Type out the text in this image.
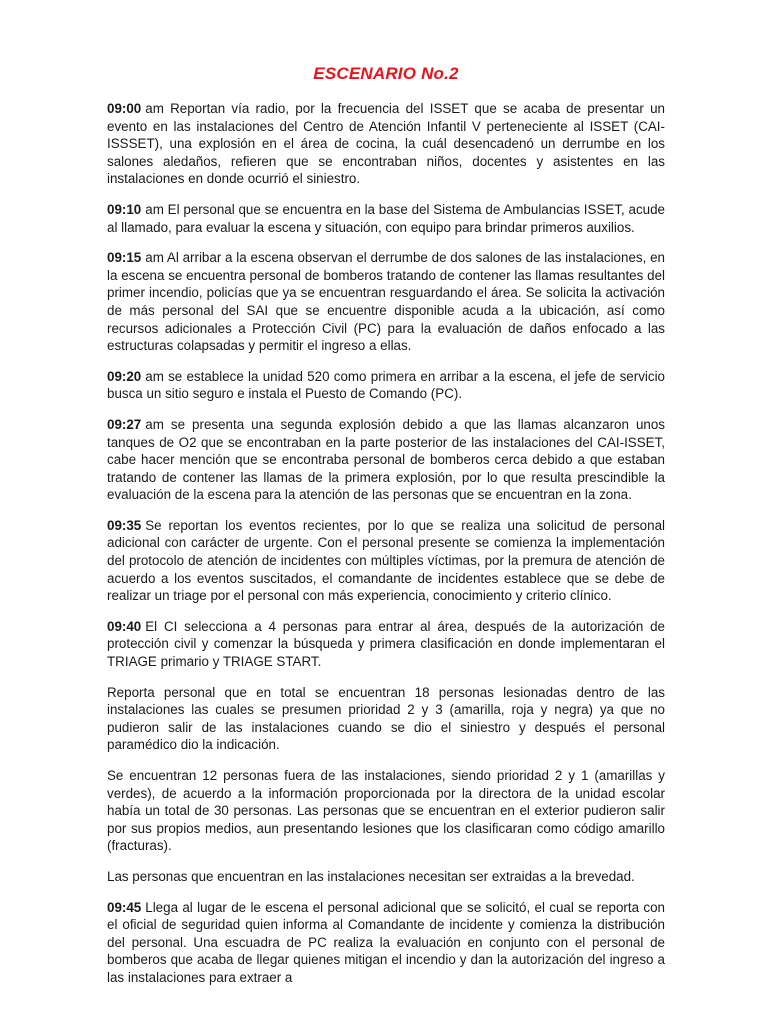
ESCENARIO No.2

09:00 am Reportan vía radio, por la frecuencia del ISSET que se acaba de presentar un evento en las instalaciones del Centro de Atención Infantil V perteneciente al ISSET (CAI-ISSSET), una explosión en el área de cocina, la cuál desencadenó un derrumbe en los salones aledaños, refieren que se encontraban niños, docentes y asistentes en las instalaciones en donde ocurrió el siniestro.

09:10 am El personal que se encuentra en la base del Sistema de Ambulancias ISSET, acude al llamado, para evaluar la escena y situación, con equipo para brindar primeros auxilios.

09:15 am Al arribar a la escena observan el derrumbe de dos salones de las instalaciones, en la escena se encuentra personal de bomberos tratando de contener las llamas resultantes del primer incendio, policías que ya se encuentran resguardando el área. Se solicita la activación de más personal del SAI que se encuentre disponible acuda a la ubicación, así como recursos adicionales a Protección Civil (PC) para la evaluación de daños enfocado a las estructuras colapsadas y permitir el ingreso a ellas.

09:20 am se establece la unidad 520 como primera en arribar a la escena, el jefe de servicio busca un sitio seguro e instala el Puesto de Comando (PC).

09:27 am se presenta una segunda explosión debido a que las llamas alcanzaron unos tanques de O2 que se encontraban en la parte posterior de las instalaciones del CAI-ISSET, cabe hacer mención que se encontraba personal de bomberos cerca debido a que estaban tratando de contener las llamas de la primera explosión, por lo que resulta prescindible la evaluación de la escena para la atención de las personas que se encuentran en la zona.

09:35 Se reportan los eventos recientes, por lo que se realiza una solicitud de personal adicional con carácter de urgente. Con el personal presente se comienza la implementación del protocolo de atención de incidentes con múltiples víctimas, por la premura de atención de acuerdo a los eventos suscitados, el comandante de incidentes establece que se debe de realizar un triage por el personal con más experiencia, conocimiento y criterio clínico.

09:40 El CI selecciona a 4 personas para entrar al área, después de la autorización de protección civil y comenzar la búsqueda y primera clasificación en donde implementaran el TRIAGE primario y TRIAGE START.

Reporta personal que en total se encuentran 18 personas lesionadas dentro de las instalaciones las cuales se presumen prioridad 2 y 3 (amarilla, roja y negra) ya que no pudieron salir de las instalaciones cuando se dio el siniestro y después el personal paramédico dio la indicación.

Se encuentran 12 personas fuera de las instalaciones, siendo prioridad 2 y 1 (amarillas y verdes), de acuerdo a la información proporcionada por la directora de la unidad escolar había un total de 30 personas. Las personas que se encuentran en el exterior pudieron salir por sus propios medios, aun presentando lesiones que los clasificaran como código amarillo (fracturas).

Las personas que encuentran en las instalaciones necesitan ser extraidas a la brevedad.

09:45 Llega al lugar de le escena el personal adicional que se solicitó, el cual se reporta con el oficial de seguridad quien informa al Comandante de incidente y comienza la distribución del personal. Una escuadra de PC realiza la evaluación en conjunto con el personal de bomberos que acaba de llegar quienes mitigan el incendio y dan la autorización del ingreso a las instalaciones para extraer a
